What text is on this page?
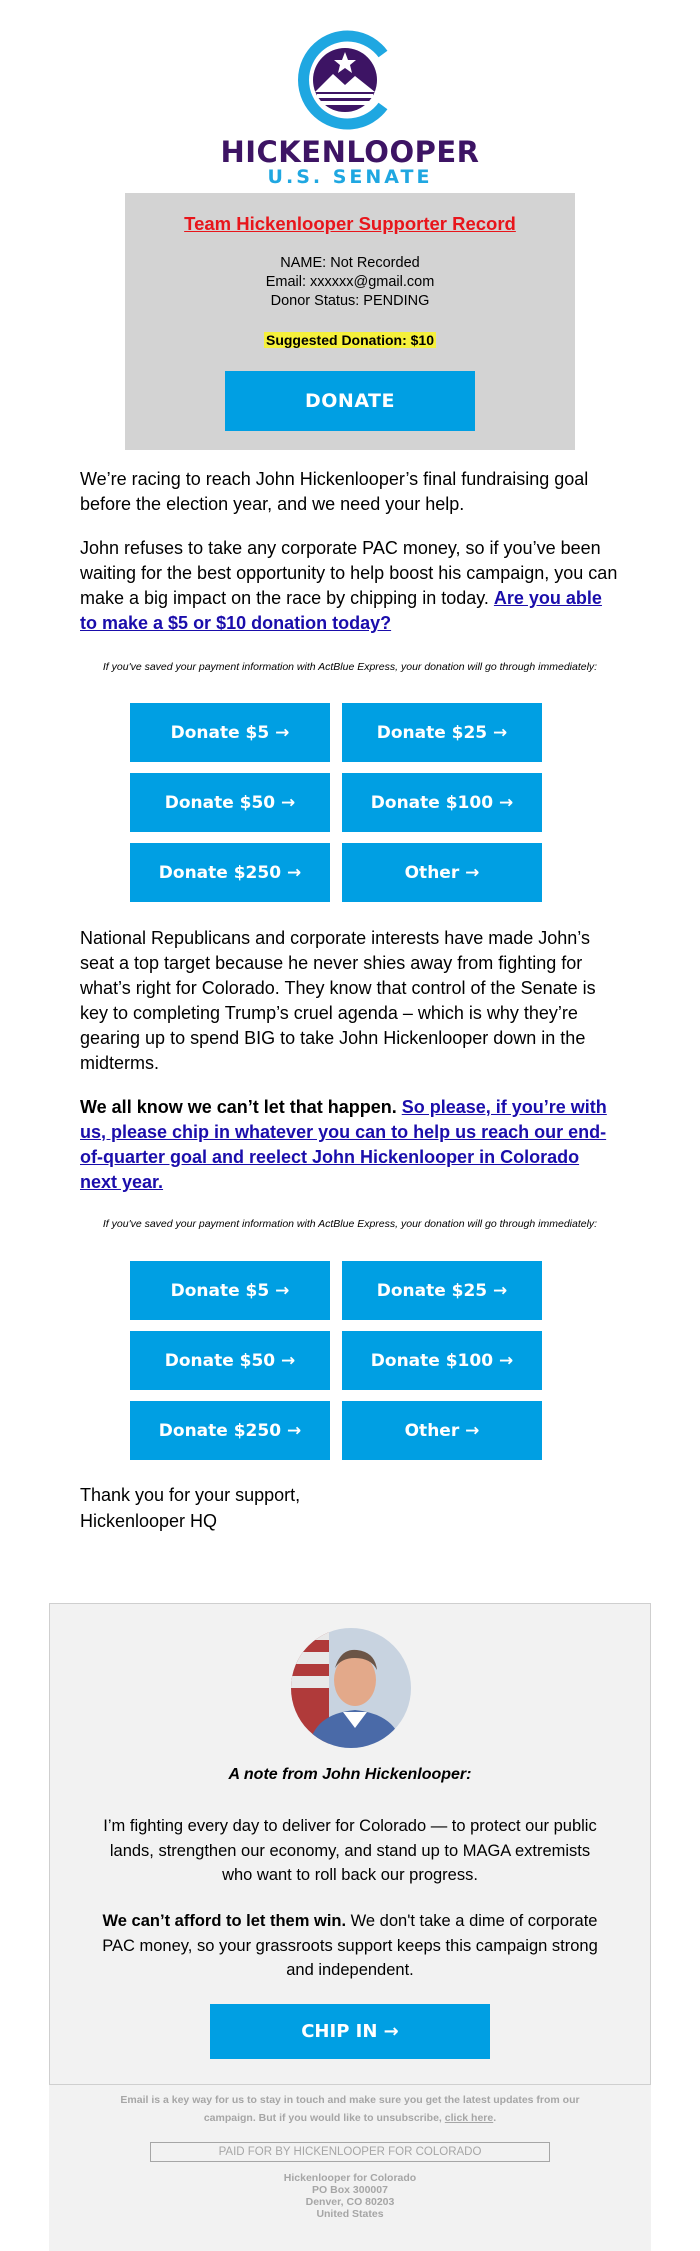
HICKENLOOPER
U.S. SENATE
Team Hickenlooper Supporter Record
NAME: Not Recorded
Email: xxxxxx@gmail.com
Donor Status: PENDING
Suggested Donation: $10
DONATE

We’re racing to reach John Hickenlooper’s final fundraising goal before the election year, and we need your help.

John refuses to take any corporate PAC money, so if you’ve been waiting for the best opportunity to help boost his campaign, you can make a big impact on the race by chipping in today. Are you able to make a $5 or $10 donation today?

If you've saved your payment information with ActBlue Express, your donation will go through immediately:
Donate $5 →	Donate $25 →
Donate $50 →	Donate $100 →
Donate $250 →	Other →

National Republicans and corporate interests have made John’s seat a top target because he never shies away from fighting for what’s right for Colorado. They know that control of the Senate is key to completing Trump’s cruel agenda – which is why they’re gearing up to spend BIG to take John Hickenlooper down in the midterms.

We all know we can’t let that happen. So please, if you’re with us, please chip in whatever you can to help us reach our end-of-quarter goal and reelect John Hickenlooper in Colorado next year.

If you've saved your payment information with ActBlue Express, your donation will go through immediately:
Donate $5 →	Donate $25 →
Donate $50 →	Donate $100 →
Donate $250 →	Other →
Thank you for your support,
Hickenlooper HQ
A note from John Hickenlooper:

I’m fighting every day to deliver for Colorado — to protect our public lands, strengthen our economy, and stand up to MAGA extremists who want to roll back our progress.

We can’t afford to let them win. We don't take a dime of corporate PAC money, so your grassroots support keeps this campaign strong and independent.

CHIP IN →
Email is a key way for us to stay in touch and make sure you get the latest updates from our campaign. But if you would like to unsubscribe, click here.
PAID FOR BY HICKENLOOPER FOR COLORADO
Hickenlooper for Colorado
PO Box 300007
Denver, CO 80203
United States
